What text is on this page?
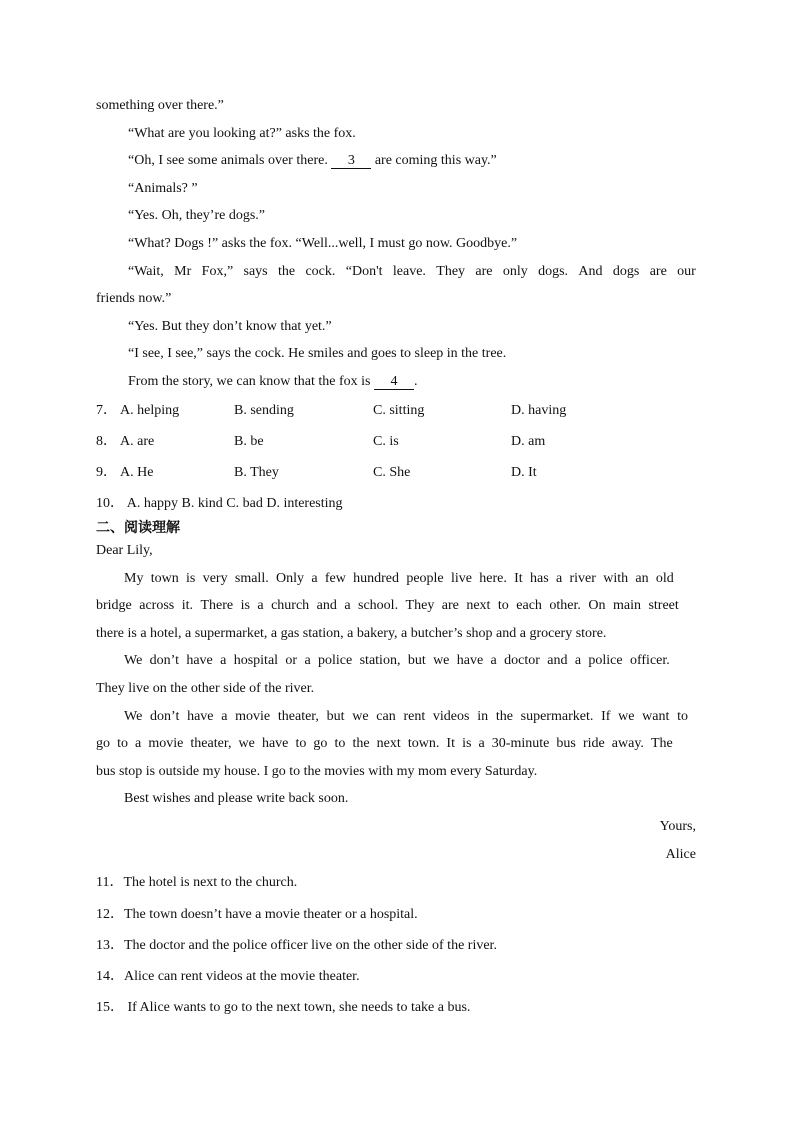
something over there.”
“What are you looking at?” asks the fox.
“Oh, I see some animals over there. 3 are coming this way.”
“Animals? ”
“Yes. Oh, they’re dogs.”
“What? Dogs !” asks the fox. “Well...well, I must go now. Goodbye.”
“Wait, Mr Fox,” says the cock. “Don't leave. They are only dogs. And dogs are our
friends now.”
“Yes. But they don’t know that yet.”
“I see, I see,” says the cock. He smiles and goes to sleep in the tree.
From the story, we can know that the fox is 4 .
7． A. helping	B. sending	C. sitting	D. having
8． A. are	B. be	C. is	D. am
9． A. He	B. They	C. She	D. It
10． A. happy B. kind C. bad D. interesting
二、阅读理解
Dear Lily,
My town is very small. Only a few hundred people live here. It has a river with an old
bridge across it. There is a church and a school. They are next to each other. On main street
there is a hotel, a supermarket, a gas station, a bakery, a butcher’s shop and a grocery store.
We don’t have a hospital or a police station, but we have a doctor and a police officer.
They live on the other side of the river.
We don’t have a movie theater, but we can rent videos in the supermarket. If we want to
go to a movie theater, we have to go to the next town. It is a 30-minute bus ride away. The
bus stop is outside my house. I go to the movies with my mom every Saturday.
Best wishes and please write back soon.
Yours,
Alice
11．The hotel is next to the church.
12．The town doesn’t have a movie theater or a hospital.
13．The doctor and the police officer live on the other side of the river.
14．Alice can rent videos at the movie theater.
15． If Alice wants to go to the next town, she needs to take a bus.
